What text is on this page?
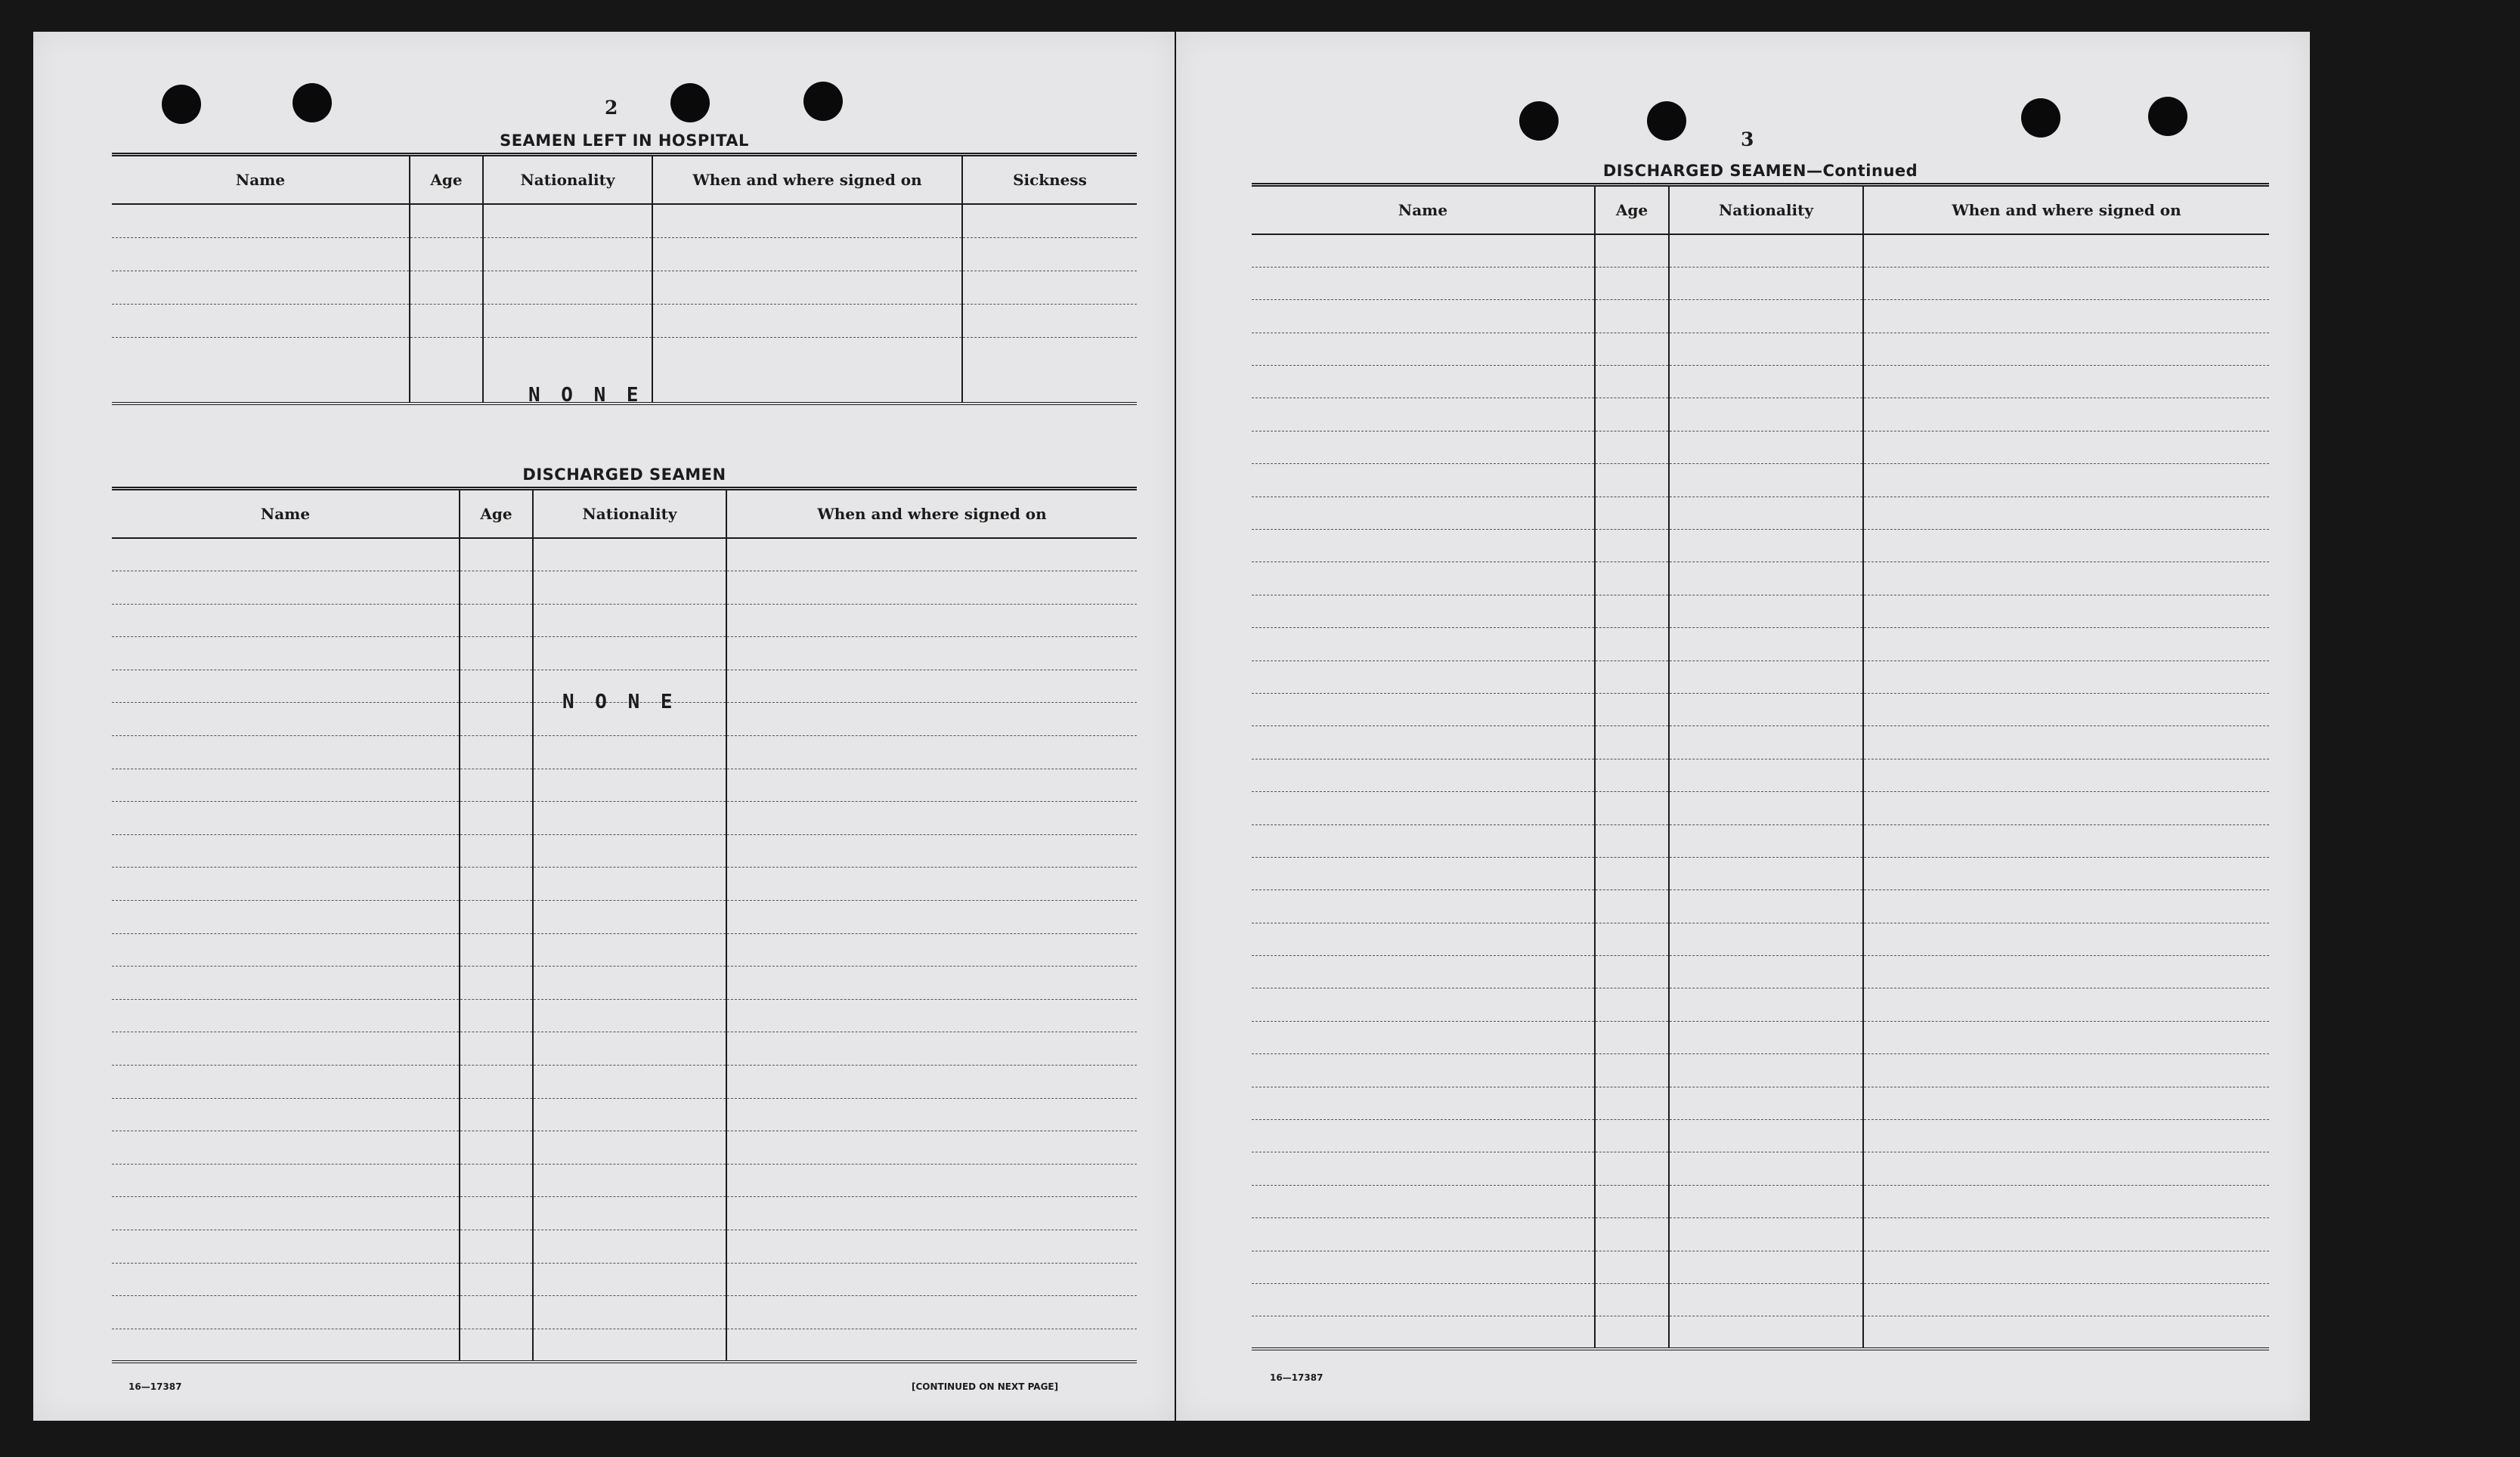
2
SEAMEN LEFT IN HOSPITAL
Name	Age	Nationality	When and where signed on	Sickness

N O N E
DISCHARGED SEAMEN
Name	Age	Nationality	When and where signed on

N O N E
16—17387	[CONTINUED ON NEXT PAGE]
3
DISCHARGED SEAMEN—Continued
Name	Age	Nationality	When and where signed on

16—17387
